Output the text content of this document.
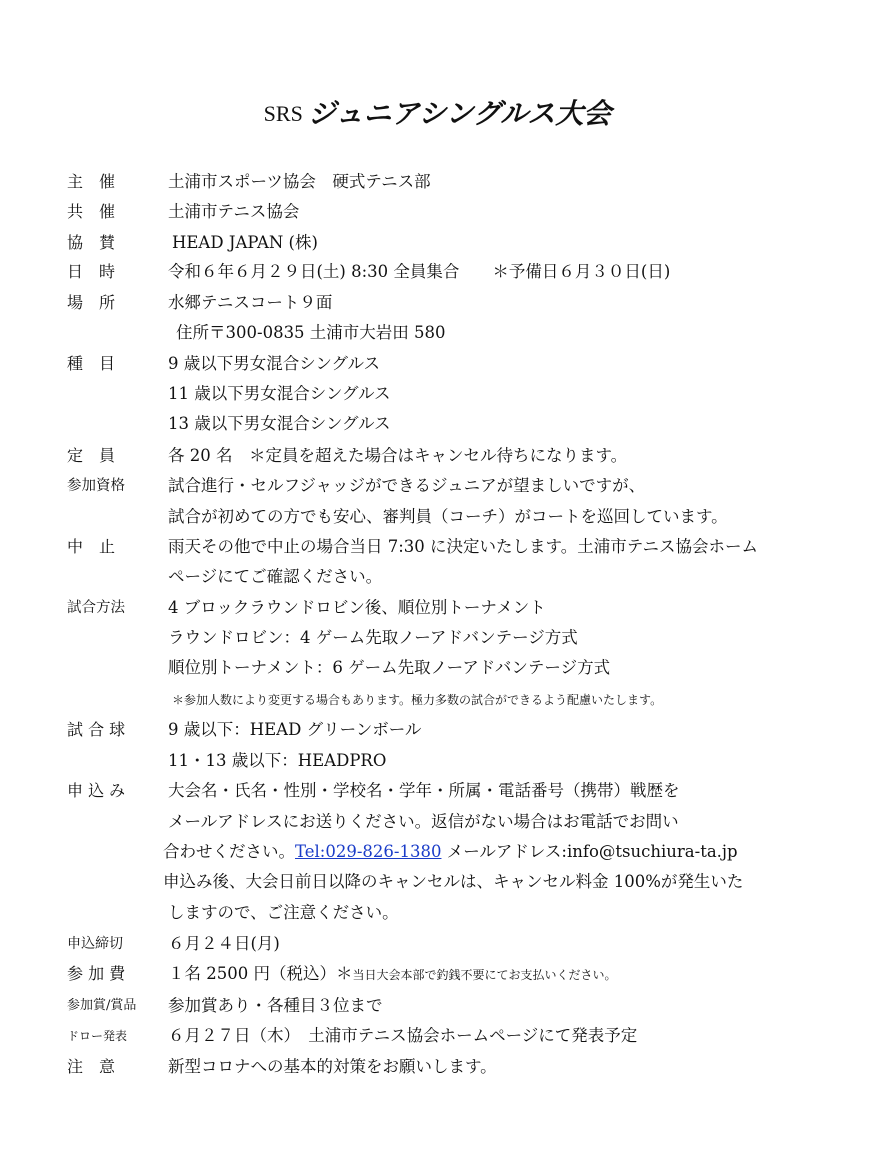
SRS ジュニアシングルス大会
主　催	土浦市スポーツ協会　硬式テニス部
共　催	土浦市テニス協会
協　賛	HEAD JAPAN (株)
日　時	令和６年６月２９日(土) 8:30 全員集合　　＊予備日６月３０日(日)
場　所	水郷テニスコート９面
住所〒300-0835 土浦市大岩田 580
種　目	9 歳以下男女混合シングルス
11 歳以下男女混合シングルス
13 歳以下男女混合シングルス
定　員	各 20 名　＊定員を超えた場合はキャンセル待ちになります。
参加資格	試合進行・セルフジャッジができるジュニアが望ましいですが、
試合が初めての方でも安心、審判員（コーチ）がコートを巡回しています。
中　止	雨天その他で中止の場合当日 7:30 に決定いたします。土浦市テニス協会ホーム
ページにてご確認ください。
試合方法	4 ブロックラウンドロビン後、順位別トーナメント
ラウンドロビン：4 ゲーム先取ノーアドバンテージ方式
順位別トーナメント：6 ゲーム先取ノーアドバンテージ方式
＊参加人数により変更する場合もあります。極力多数の試合ができるよう配慮いたします。
試 合 球	9 歳以下：HEAD グリーンボール
11・13 歳以下：HEADPRO
申 込 み	大会名・氏名・性別・学校名・学年・所属・電話番号（携帯）戦歴を
メールアドレスにお送りください。返信がない場合はお電話でお問い
合わせください。Tel:029-826-1380 メールアドレス:info@tsuchiura-ta.jp
申込み後、大会日前日以降のキャンセルは、キャンセル料金 100%が発生いた
しますので、ご注意ください。
申込締切	６月２４日(月)
参 加 費	１名 2500 円（税込）＊当日大会本部で釣銭不要にてお支払いください。
参加賞/賞品 参加賞あり・各種目３位まで
ドロー発表 ６月２７日（木）　土浦市テニス協会ホームページにて発表予定
注　意	新型コロナへの基本的対策をお願いします。
